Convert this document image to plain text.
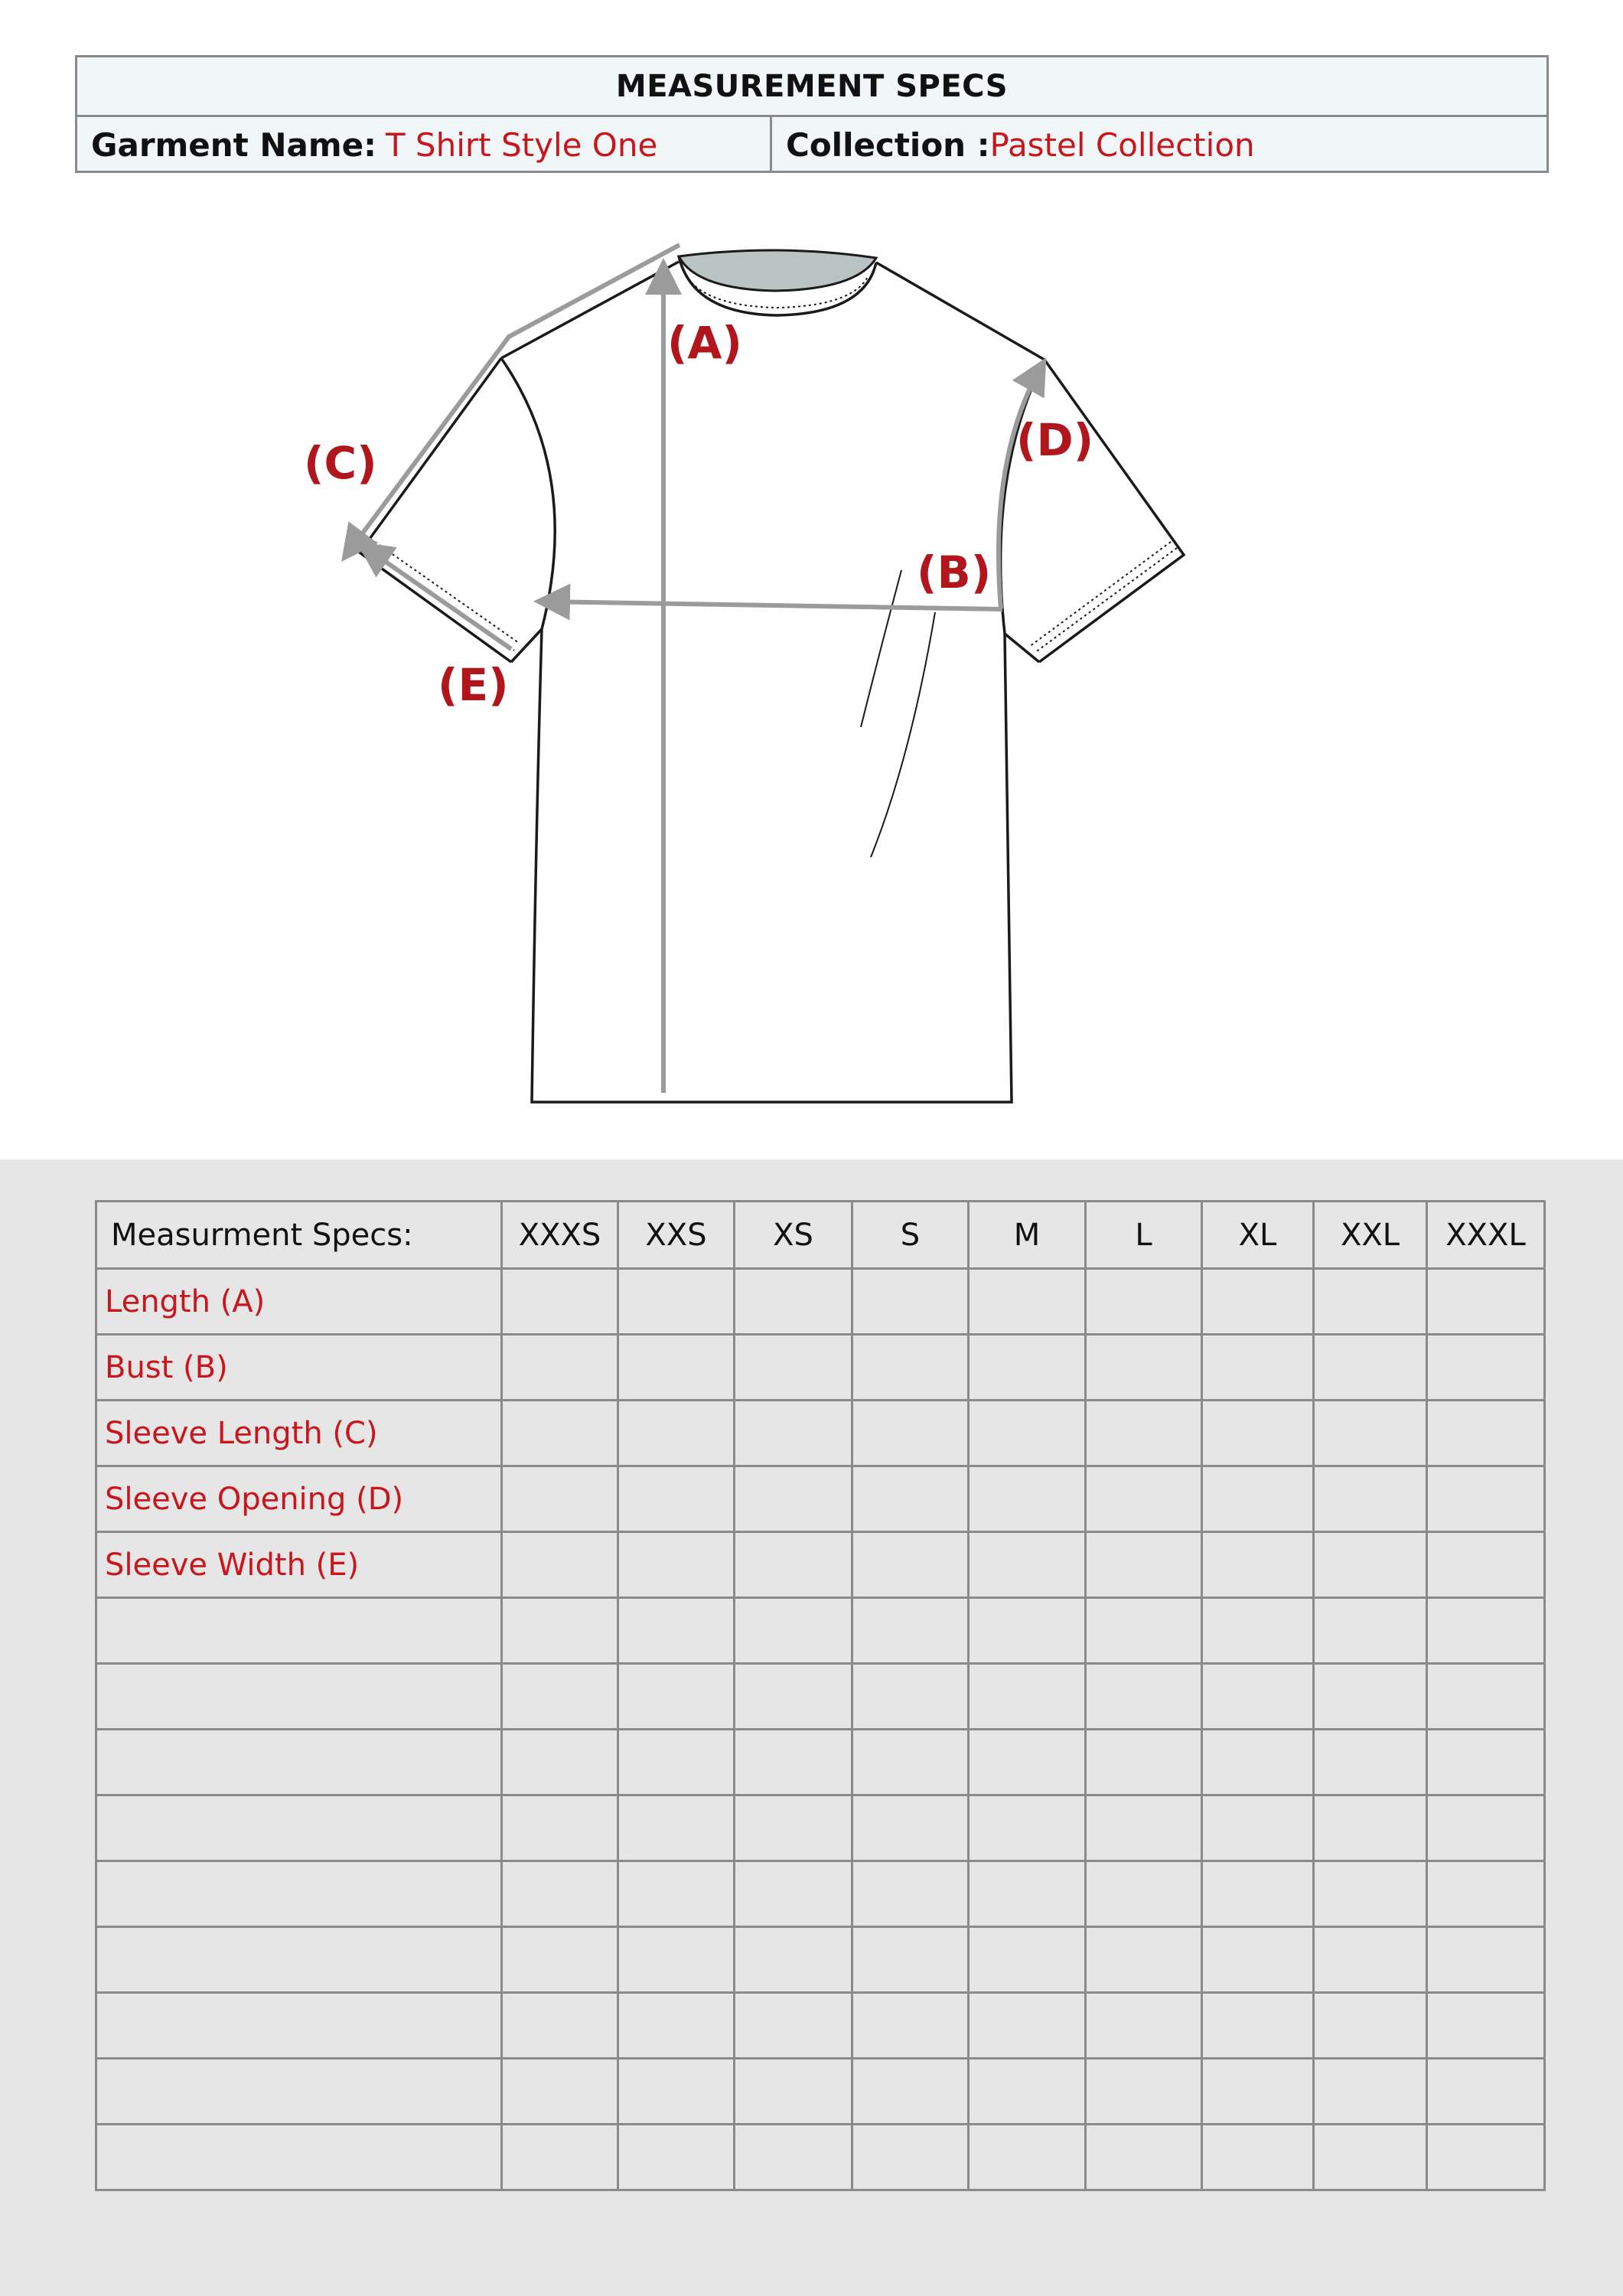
MEASUREMENT SPECS
Garment Name: T Shirt Style One	Collection : Pastel Collection
(A)
(B)
(C)	(D)
(E)
Measurment Specs:	XXXS	XXS	XS	S	M	L	XL	XXL	XXXL
Length (A)									
Bust (B)									
Sleeve Length (C)									
Sleeve Opening (D)									
Sleeve Width (E)									
